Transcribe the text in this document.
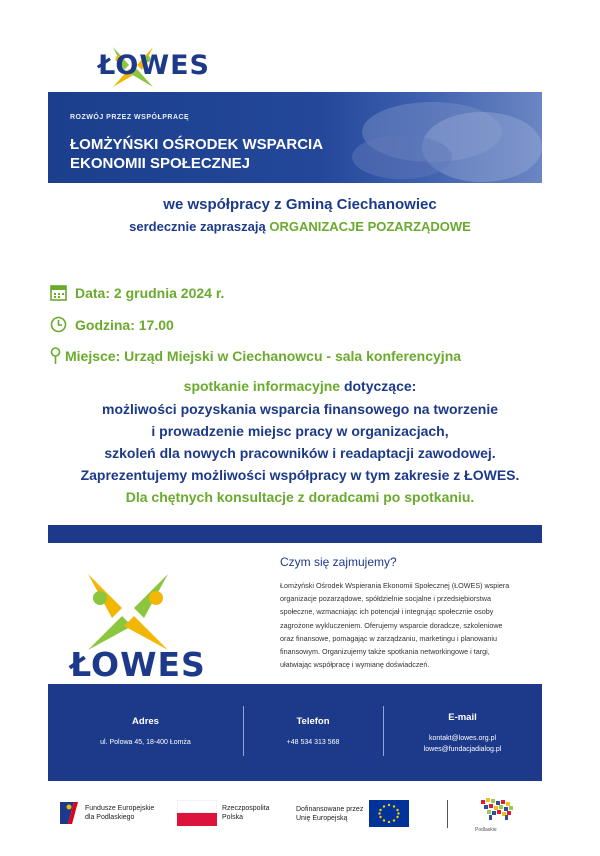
ŁOWES
ROZWÓJ PRZEZ WSPÓŁPRACĘ
ŁOMŻYŃSKI OŚRODEK WSPARCIA
EKONOMII SPOŁECZNEJ
we współpracy z Gminą Ciechanowiec
serdecznie zapraszają ORGANIZACJE POZARZĄDOWE
Data: 2 grudnia 2024 r.
Godzina: 17.00
Miejsce: Urząd Miejski w Ciechanowcu - sala konferencyjna
spotkanie informacyjne dotyczące:
możliwości pozyskania wsparcia finansowego na tworzenie
i prowadzenie miejsc pracy w organizacjach,
szkoleń dla nowych pracowników i readaptacji zawodowej.
Zaprezentujemy możliwości współpracy w tym zakresie z ŁOWES.
Dla chętnych konsultacje z doradcami po spotkaniu.
ŁOWES
Czym się zajmujemy?
Łomżyński Ośrodek Wspierania Ekonomii Społecznej (ŁOWES) wspiera
organizacje pozarządowe, spółdzielnie socjalne i przedsiębiorstwa
społeczne, wzmacniając ich potencjał i integrując społecznie osoby
zagrożone wykluczeniem. Oferujemy wsparcie doradcze, szkoleniowe
oraz finansowe, pomagając w zarządzaniu, marketingu i planowaniu
finansowym. Organizujemy także spotkania networkingowe i targi,
ułatwiając współpracę i wymianę doświadczeń.
Adres
ul. Polowa 45, 18-400 Łomża
Telefon
+48 534 313 568
E-mail
kontakt@lowes.org.pl
lowes@fundacjadialog.pl
Fundusze Europejskie
dla Podlaskiego
Rzeczpospolita
Polska
Dofinansowane przez
Unię Europejską
Podlaskie
